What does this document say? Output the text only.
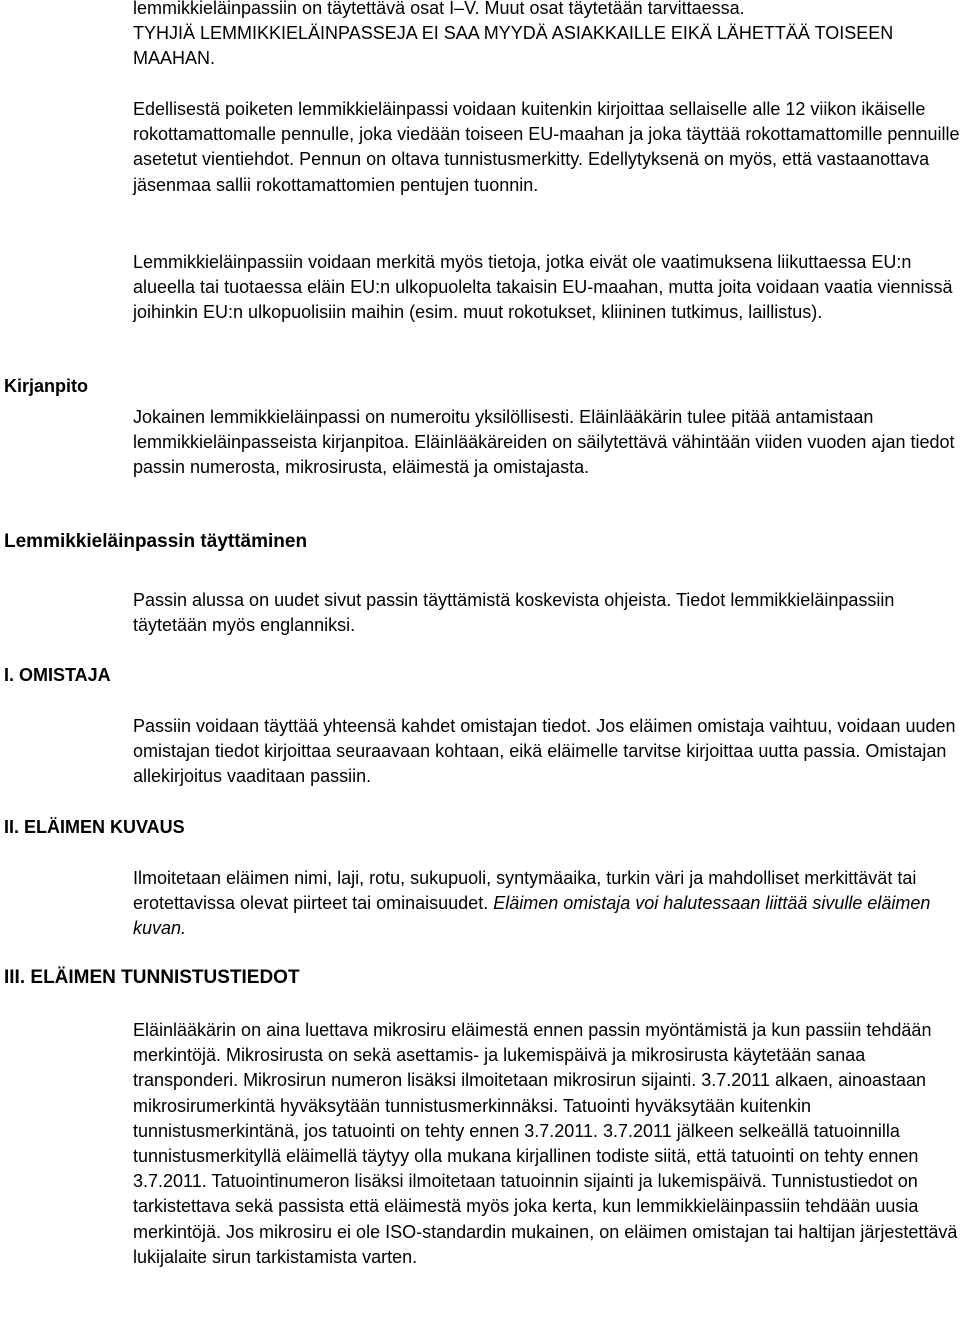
lemmikkieläinpassiin on täytettävä osat I–V. Muut osat täytetään tarvittaessa.
TYHJIÄ LEMMIKKIELÄINPASSEJA EI SAA MYYDÄ ASIAKKAILLE EIKÄ LÄHETTÄÄ TOISEEN MAAHAN.

Edellisestä poiketen lemmikkieläinpassi voidaan kuitenkin kirjoittaa sellaiselle alle 12 viikon ikäiselle rokottamattomalle pennulle, joka viedään toiseen EU-maahan ja joka täyttää rokottamattomille pennuille asetetut vientiehdot. Pennun on oltava tunnistusmerkitty. Edellytyksenä on myös, että vastaanottava jäsenmaa sallii rokottamattomien pentujen tuonnin.

Lemmikkieläinpassiin voidaan merkitä myös tietoja, jotka eivät ole vaatimuksena liikuttaessa EU:n alueella tai tuotaessa eläin EU:n ulkopuolelta takaisin EU-maahan, mutta joita voidaan vaatia viennissä joihinkin EU:n ulkopuolisiin maihin (esim. muut rokotukset, kliininen tutkimus, laillistus).

Kirjanpito

Jokainen lemmikkieläinpassi on numeroitu yksilöllisesti. Eläinlääkärin tulee pitää antamistaan lemmikkieläinpasseista kirjanpitoa. Eläinlääkäreiden on säilytettävä vähintään viiden vuoden ajan tiedot passin numerosta, mikrosirusta, eläimestä ja omistajasta.

Lemmikkieläinpassin täyttäminen

Passin alussa on uudet sivut passin täyttämistä koskevista ohjeista. Tiedot lemmikkieläinpassiin täytetään myös englanniksi.

I. OMISTAJA

Passiin voidaan täyttää yhteensä kahdet omistajan tiedot. Jos eläimen omistaja vaihtuu, voidaan uuden omistajan tiedot kirjoittaa seuraavaan kohtaan, eikä eläimelle tarvitse kirjoittaa uutta passia. Omistajan allekirjoitus vaaditaan passiin.

II. ELÄIMEN KUVAUS

Ilmoitetaan eläimen nimi, laji, rotu, sukupuoli, syntymäaika, turkin väri ja mahdolliset merkittävät tai erotettavissa olevat piirteet tai ominaisuudet. Eläimen omistaja voi halutessaan liittää sivulle eläimen kuvan.

III. ELÄIMEN TUNNISTUSTIEDOT

Eläinlääkärin on aina luettava mikrosiru eläimestä ennen passin myöntämistä ja kun passiin tehdään merkintöjä. Mikrosirusta on sekä asettamis- ja lukemispäivä ja mikrosirusta käytetään sanaa transponderi. Mikrosirun numeron lisäksi ilmoitetaan mikrosirun sijainti. 3.7.2011 alkaen, ainoastaan mikrosirumerkintä hyväksytään tunnistusmerkinnäksi. Tatuointi hyväksytään kuitenkin tunnistusmerkintänä, jos tatuointi on tehty ennen 3.7.2011. 3.7.2011 jälkeen selkeällä tatuoinnilla tunnistusmerkityllä eläimellä täytyy olla mukana kirjallinen todiste siitä, että tatuointi on tehty ennen 3.7.2011. Tatuointinumeron lisäksi ilmoitetaan tatuoinnin sijainti ja lukemispäivä. Tunnistustiedot on tarkistettava sekä passista että eläimestä myös joka kerta, kun lemmikkieläinpassiin tehdään uusia merkintöjä. Jos mikrosiru ei ole ISO-standardin mukainen, on eläimen omistajan tai haltijan järjestettävä lukijalaite sirun tarkistamista varten.
